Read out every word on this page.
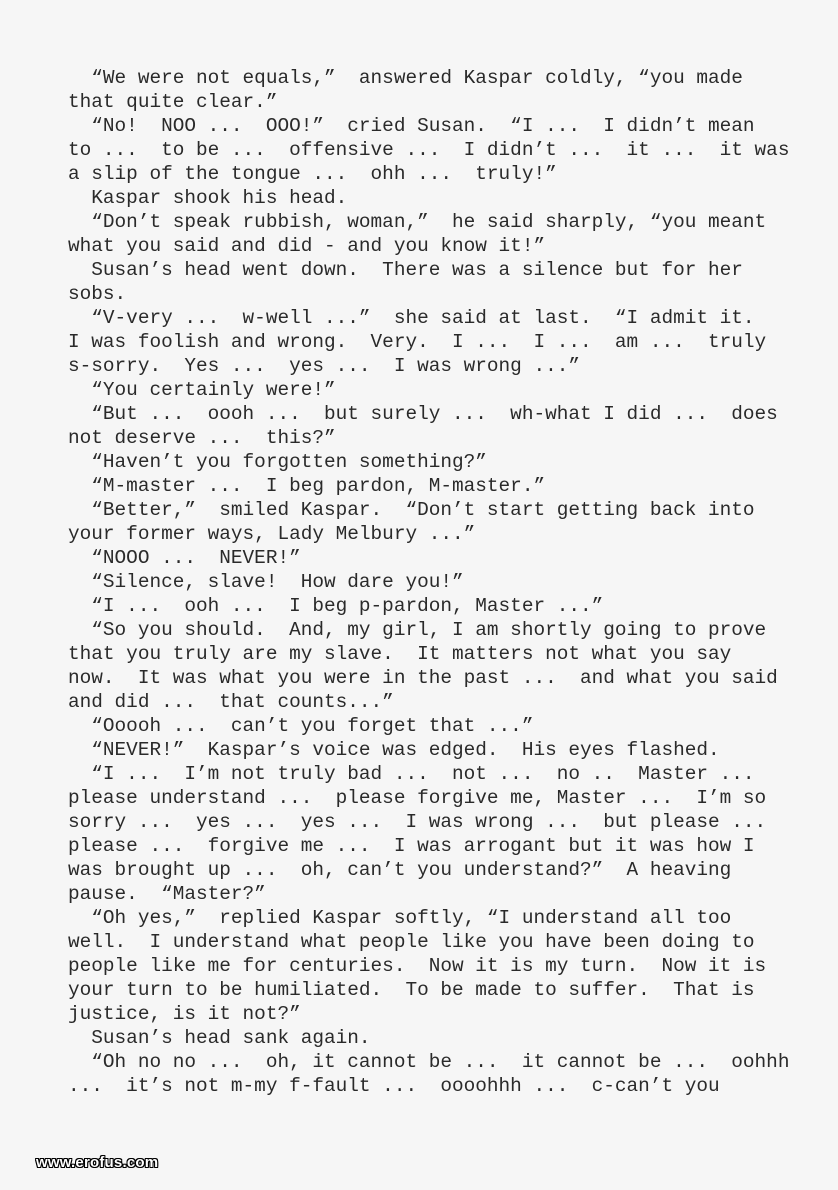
“We were not equals,”  answered Kaspar coldly, “you made
that quite clear.”
“No!  NOO ...  OOO!”  cried Susan.  “I ...  I didn’t mean
to ...  to be ...  offensive ...  I didn’t ...  it ...  it was
a slip of the tongue ...  ohh ...  truly!”
Kaspar shook his head.
“Don’t speak rubbish, woman,”  he said sharply, “you meant
what you said and did - and you know it!”
Susan’s head went down.  There was a silence but for her
sobs.
“V-very ...  w-well ...”  she said at last.  “I admit it.
I was foolish and wrong.  Very.  I ...  I ...  am ...  truly
s-sorry.  Yes ...  yes ...  I was wrong ...”
“You certainly were!”
“But ...  oooh ...  but surely ...  wh-what I did ...  does
not deserve ...  this?”
“Haven’t you forgotten something?”
“M-master ...  I beg pardon, M-master.”
“Better,”  smiled Kaspar.  “Don’t start getting back into
your former ways, Lady Melbury ...”
“NOOO ...  NEVER!”
“Silence, slave!  How dare you!”
“I ...  ooh ...  I beg p-pardon, Master ...”
“So you should.  And, my girl, I am shortly going to prove
that you truly are my slave.  It matters not what you say
now.  It was what you were in the past ...  and what you said
and did ...  that counts...”
“Ooooh ...  can’t you forget that ...”
“NEVER!”  Kaspar’s voice was edged.  His eyes flashed.
“I ...  I’m not truly bad ...  not ...  no ..  Master ...
please understand ...  please forgive me, Master ...  I’m so
sorry ...  yes ...  yes ...  I was wrong ...  but please ...
please ...  forgive me ...  I was arrogant but it was how I
was brought up ...  oh, can’t you understand?”  A heaving
pause.  “Master?”
“Oh yes,”  replied Kaspar softly, “I understand all too
well.  I understand what people like you have been doing to
people like me for centuries.  Now it is my turn.  Now it is
your turn to be humiliated.  To be made to suffer.  That is
justice, is it not?”
Susan’s head sank again.
“Oh no no ...  oh, it cannot be ...  it cannot be ...  oohhh
...  it’s not m-my f-fault ...  oooohhh ...  c-can’t you
www.erofus.com
